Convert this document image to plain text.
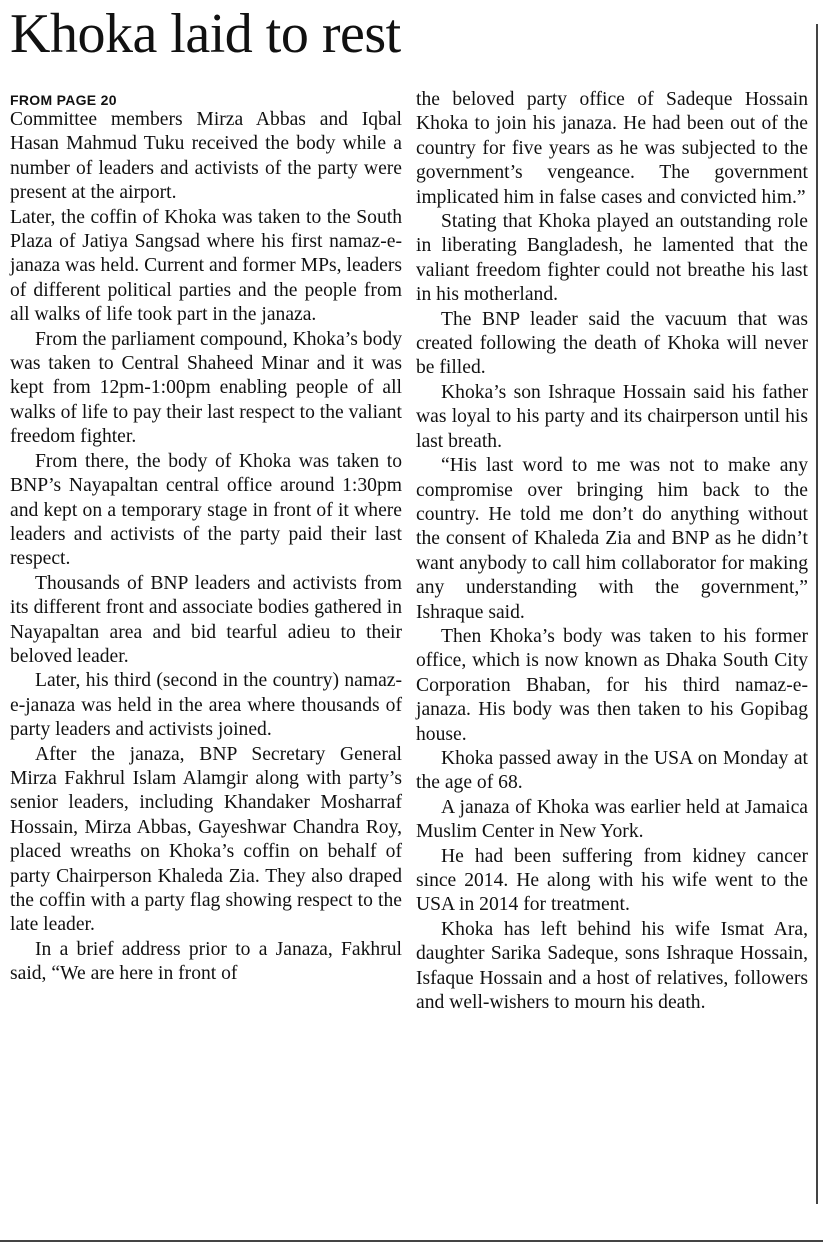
Khoka laid to rest
FROM PAGE 20

Committee members Mirza Abbas and Iqbal Hasan Mahmud Tuku received the body while a number of leaders and activists of the party were present at the airport.

Later, the coffin of Khoka was taken to the South Plaza of Jatiya Sangsad where his first namaz-e-janaza was held. Current and former MPs, leaders of different political parties and the people from all walks of life took part in the janaza.

From the parliament compound, Khoka’s body was taken to Central Shaheed Minar and it was kept from 12pm-1:00pm enabling people of all walks of life to pay their last respect to the valiant freedom fighter.

From there, the body of Khoka was taken to BNP’s Nayapaltan central office around 1:30pm and kept on a temporary stage in front of it where leaders and activists of the party paid their last respect.

Thousands of BNP leaders and activists from its different front and associate bodies gathered in Nayapaltan area and bid tearful adieu to their beloved leader.

Later, his third (second in the country) namaz-e-janaza was held in the area where thousands of party leaders and activists joined.

After the janaza, BNP Secretary General Mirza Fakhrul Islam Alamgir along with party’s senior leaders, including Khandaker Mosharraf Hossain, Mirza Abbas, Gayeshwar Chandra Roy, placed wreaths on Khoka’s coffin on behalf of party Chairperson Khaleda Zia. They also draped the coffin with a party flag showing respect to the late leader.

In a brief address prior to a Janaza, Fakhrul said, “We are here in front of

the beloved party office of Sadeque Hossain Khoka to join his janaza. He had been out of the country for five years as he was subjected to the government’s vengeance. The government implicated him in false cases and convicted him.”

Stating that Khoka played an outstanding role in liberating Bangladesh, he lamented that the valiant freedom fighter could not breathe his last in his motherland.

The BNP leader said the vacuum that was created following the death of Khoka will never be filled.

Khoka’s son Ishraque Hossain said his father was loyal to his party and its chairperson until his last breath.

“His last word to me was not to make any compromise over bringing him back to the country. He told me don’t do anything without the consent of Khaleda Zia and BNP as he didn’t want anybody to call him collaborator for making any understanding with the government,” Ishraque said.

Then Khoka’s body was taken to his former office, which is now known as Dhaka South City Corporation Bhaban, for his third namaz-e-janaza. His body was then taken to his Gopibag house.

Khoka passed away in the USA on Monday at the age of 68.

A janaza of Khoka was earlier held at Jamaica Muslim Center in New York.

He had been suffering from kidney cancer since 2014. He along with his wife went to the USA in 2014 for treatment.

Khoka has left behind his wife Ismat Ara, daughter Sarika Sadeque, sons Ishraque Hossain, Isfaque Hossain and a host of relatives, followers and well-wishers to mourn his death.
